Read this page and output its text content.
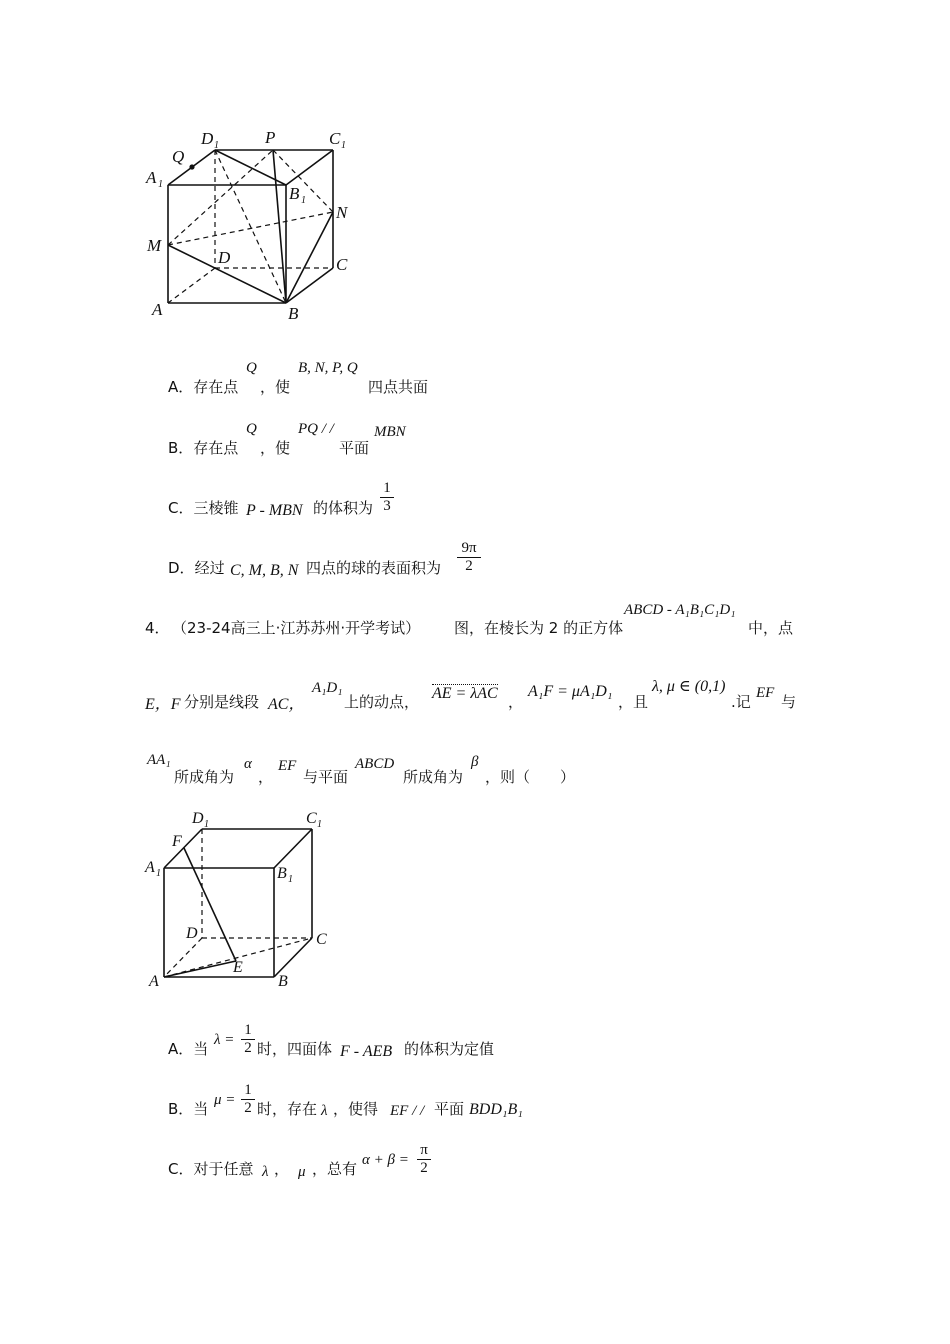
D 1	P	C 1
Q
A 1	B 1
N
M
D	C
A	B
A．存在点
Q
，使
B, N, P, Q
四点共面
B．存在点
Q
，使
PQ / /
平面
MBN
C．三棱锥 P - MBN 的体积为 $\frac{1}{3}$
D．经过 C, M, B, N 四点的球的表面积为 $\frac{9\pi}{2}$
4． （23-24高三上·江苏苏州·开学考试） 图，在棱长为 2 的正方体
ABCD - A₁B₁C₁D₁
中，点
E，F 分别是线段 AC，
A₁D₁
上的动点， AE = λAC ，
A₁F = μA₁D₁
，且
λ, μ ∈ (0,1)
.记 EF 与
AA₁
所成角为
α
，
EF
与平面
ABCD
所成角为
β
，则（　　）
D 1	C 1
F
A 1	B 1
D	C
E
A	B
A．当 $\lambda = \frac{1}{2}$ 时，四面体 F - AEB 的体积为定值
B．当 $\mu = \frac{1}{2}$ 时，存在 λ ，使得 EF / / 平面 BDD₁B₁
C．对于任意 λ ， μ ，总有 $\alpha + \beta = \frac{\pi}{2}$
